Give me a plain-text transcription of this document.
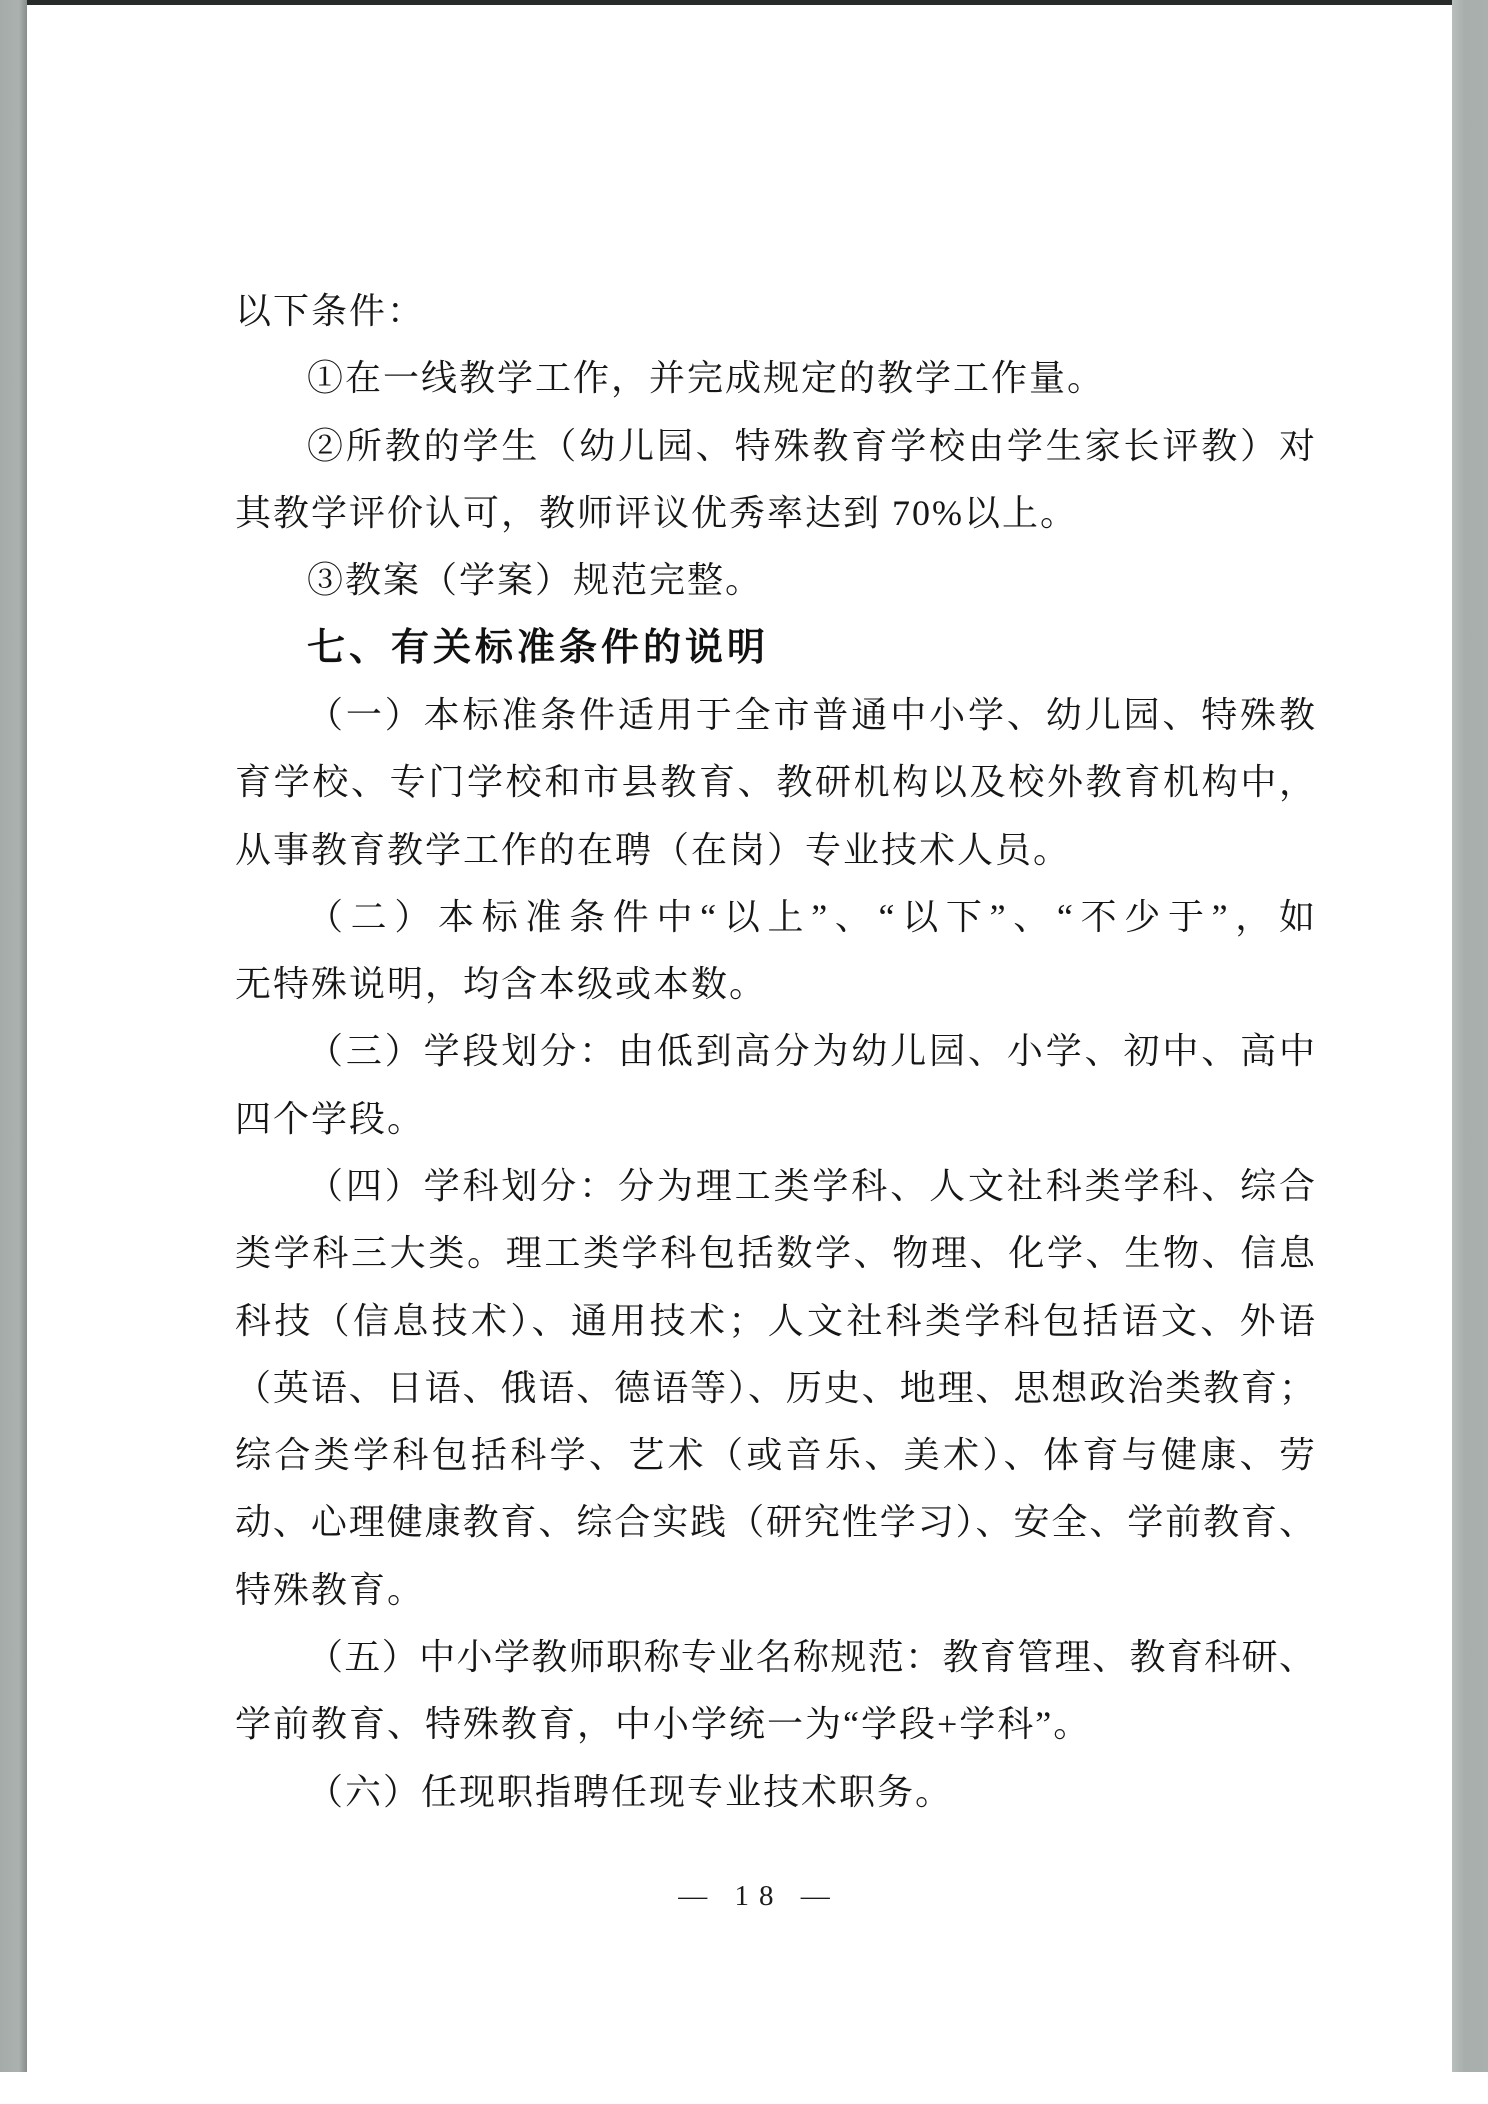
以下条件：
①在一线教学工作，并完成规定的教学工作量。
②所教的学生（幼儿园、特殊教育学校由学生家长评教）对
其教学评价认可，教师评议优秀率达到 70%以上。
③教案（学案）规范完整。
七、有关标准条件的说明
（一）本标准条件适用于全市普通中小学、幼儿园、特殊教
育学校、专门学校和市县教育、教研机构以及校外教育机构中，
从事教育教学工作的在聘（在岗）专业技术人员。
（二）本标准条件中“以上”、“以下”、“不少于”，如
无特殊说明，均含本级或本数。
（三）学段划分：由低到高分为幼儿园、小学、初中、高中
四个学段。
（四）学科划分：分为理工类学科、人文社科类学科、综合
类学科三大类。理工类学科包括数学、物理、化学、生物、信息
科技（信息技术）、通用技术；人文社科类学科包括语文、外语
（英语、日语、俄语、德语等）、历史、地理、思想政治类教育；
综合类学科包括科学、艺术（或音乐、美术）、体育与健康、劳
动、心理健康教育、综合实践（研究性学习）、安全、学前教育、
特殊教育。
（五）中小学教师职称专业名称规范：教育管理、教育科研、
学前教育、特殊教育，中小学统一为“学段+学科”。
（六）任现职指聘任现专业技术职务。
— 18 —
